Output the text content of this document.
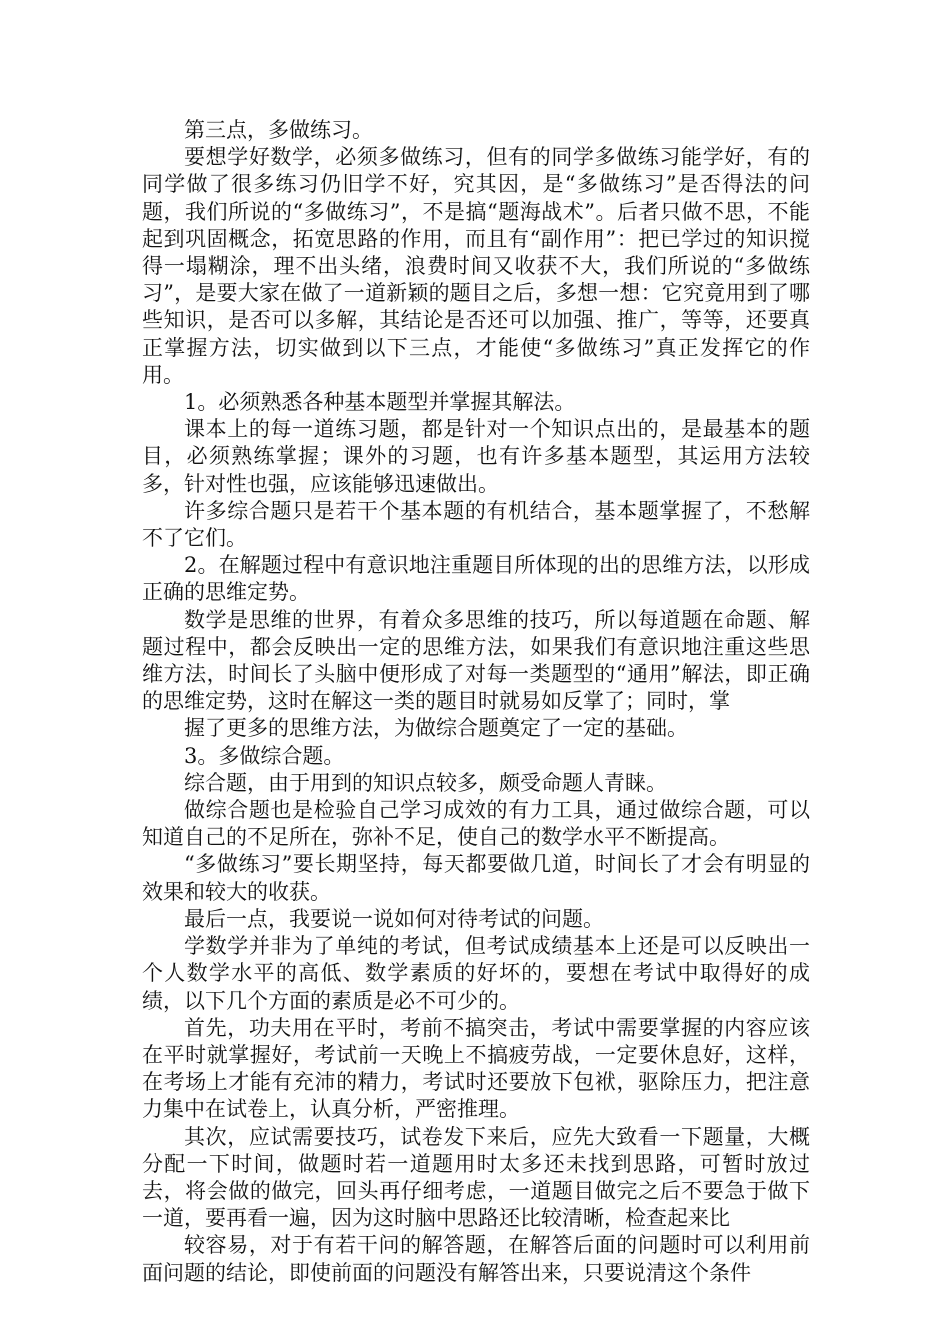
第三点，多做练习。

要想学好数学，必须多做练习，但有的同学多做练习能学好，有的同学做了很多练习仍旧学不好，究其因，是“多做练习”是否得法的问题，我们所说的“多做练习”，不是搞“题海战术”。后者只做不思，不能起到巩固概念，拓宽思路的作用，而且有“副作用”：把已学过的知识搅得一塌糊涂，理不出头绪，浪费时间又收获不大，我们所说的“多做练习”，是要大家在做了一道新颖的题目之后，多想一想：它究竟用到了哪些知识，是否可以多解，其结论是否还可以加强、推广，等等，还要真正掌握方法，切实做到以下三点，才能使“多做练习”真正发挥它的作用。

1。必须熟悉各种基本题型并掌握其解法。

课本上的每一道练习题，都是针对一个知识点出的，是最基本的题目，必须熟练掌握；课外的习题，也有许多基本题型，其运用方法较多，针对性也强，应该能够迅速做出。

许多综合题只是若干个基本题的有机结合，基本题掌握了，不愁解不了它们。

2。在解题过程中有意识地注重题目所体现的出的思维方法，以形成正确的思维定势。

数学是思维的世界，有着众多思维的技巧，所以每道题在命题、解题过程中，都会反映出一定的思维方法，如果我们有意识地注重这些思维方法，时间长了头脑中便形成了对每一类题型的“通用”解法，即正确的思维定势，这时在解这一类的题目时就易如反掌了；同时，掌

握了更多的思维方法，为做综合题奠定了一定的基础。

3。多做综合题。

综合题，由于用到的知识点较多，颇受命题人青睐。

做综合题也是检验自己学习成效的有力工具，通过做综合题，可以知道自己的不足所在，弥补不足，使自己的数学水平不断提高。

“多做练习”要长期坚持，每天都要做几道，时间长了才会有明显的效果和较大的收获。

最后一点，我要说一说如何对待考试的问题。

学数学并非为了单纯的考试，但考试成绩基本上还是可以反映出一个人数学水平的高低、数学素质的好坏的，要想在考试中取得好的成绩，以下几个方面的素质是必不可少的。

首先，功夫用在平时，考前不搞突击，考试中需要掌握的内容应该在平时就掌握好，考试前一天晚上不搞疲劳战，一定要休息好，这样，在考场上才能有充沛的精力，考试时还要放下包袱，驱除压力，把注意力集中在试卷上，认真分析，严密推理。

其次，应试需要技巧，试卷发下来后，应先大致看一下题量，大概分配一下时间，做题时若一道题用时太多还未找到思路，可暂时放过去，将会做的做完，回头再仔细考虑，一道题目做完之后不要急于做下一道，要再看一遍，因为这时脑中思路还比较清晰，检查起来比

较容易，对于有若干问的解答题，在解答后面的问题时可以利用前面问题的结论，即使前面的问题没有解答出来，只要说清这个条件
